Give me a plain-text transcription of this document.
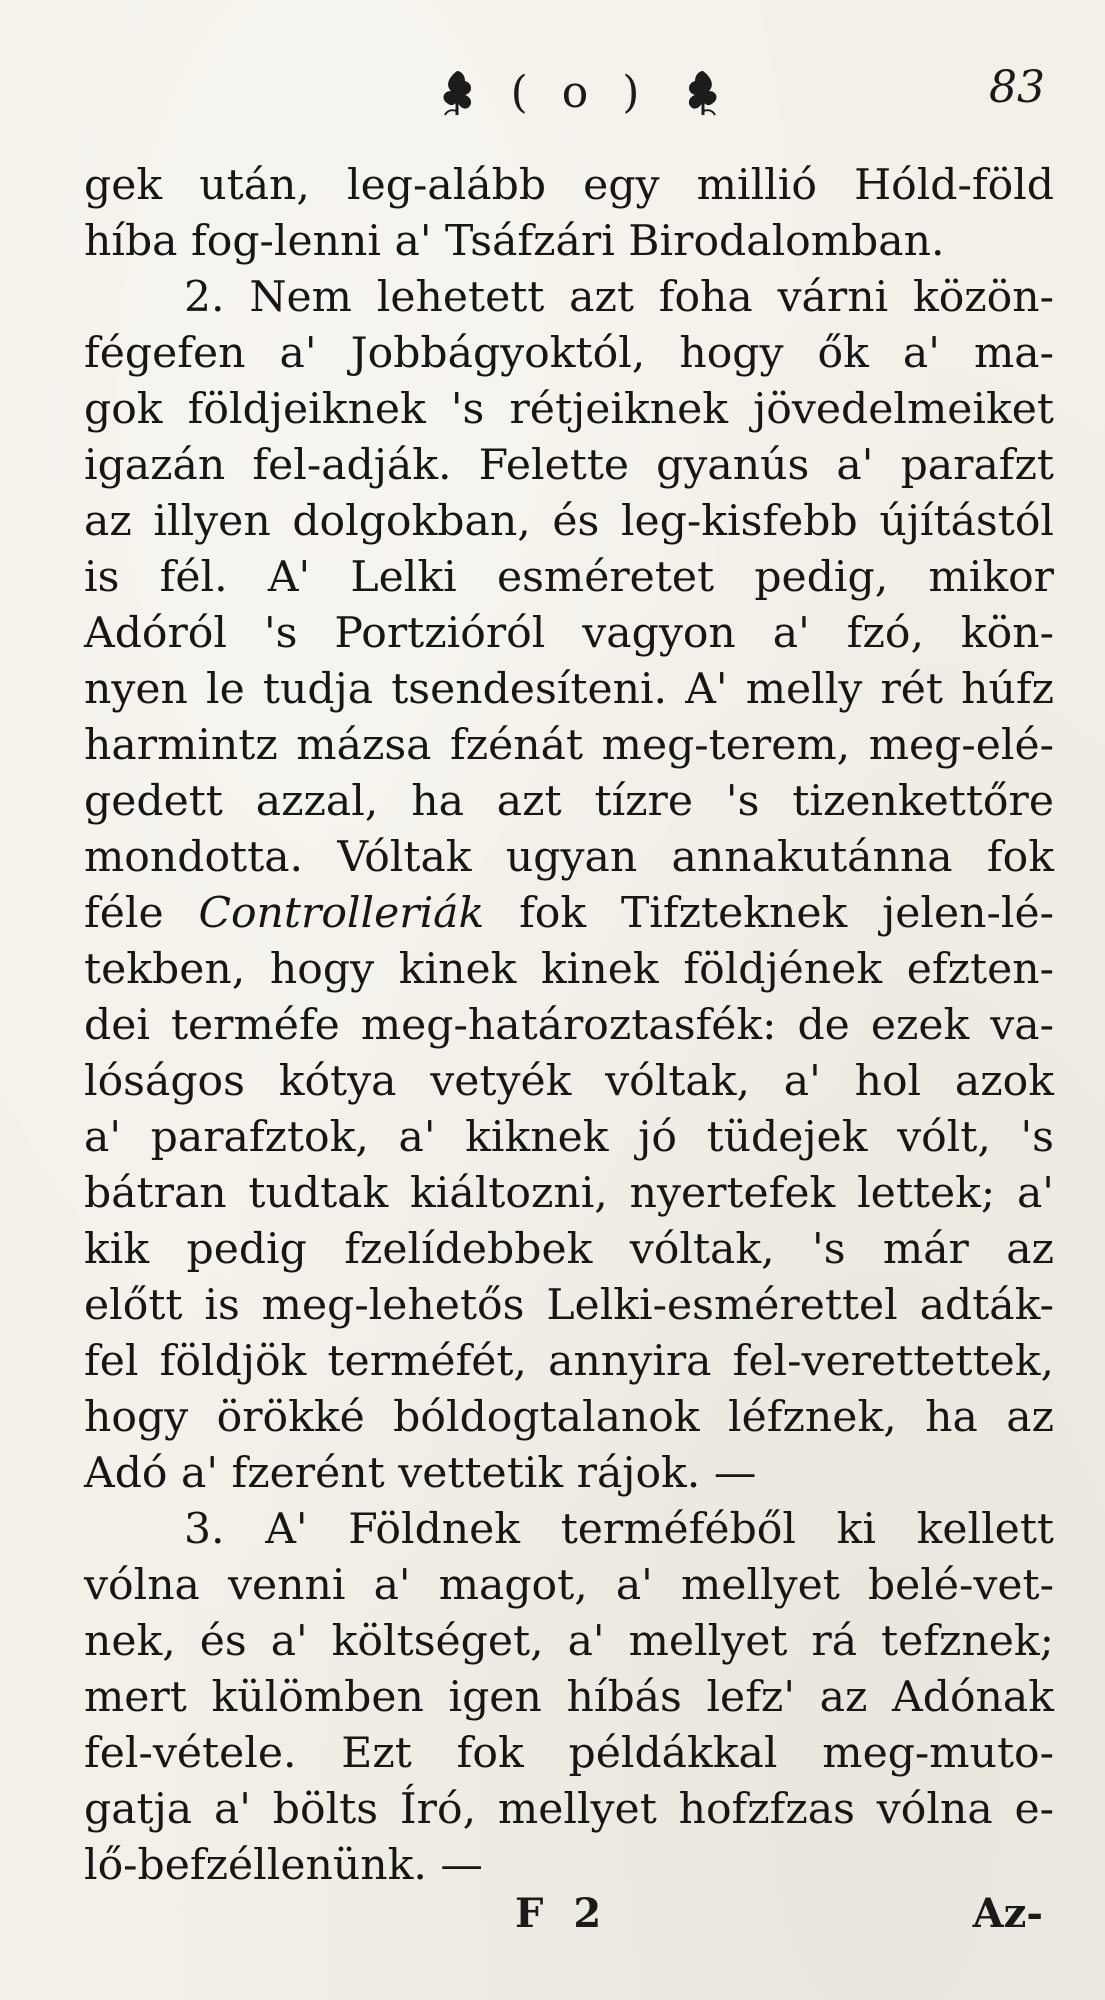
( o )	83
gek után, leg-alább egy millió Hóld-föld
híba fog-lenni a' Tsáfzári Birodalomban.
2. Nem lehetett azt foha várni közön-
fégefen a' Jobbágyoktól, hogy ők a' ma-
gok földjeiknek 's rétjeiknek jövedelmeiket
igazán fel-adják. Felette gyanús a' parafzt
az illyen dolgokban, és leg-kisfebb újítástól
is fél. A' Lelki esméretet pedig, mikor
Adóról 's Portzióról vagyon a' fzó, kön-
nyen le tudja tsendesíteni. A' melly rét húfz
harmintz mázsa fzénát meg-terem, meg-elé-
gedett azzal, ha azt tízre 's tizenkettőre
mondotta. Vóltak ugyan annakutánna fok
féle Controlleriák fok Tifzteknek jelen-lé-
tekben, hogy kinek kinek földjének efzten-
dei terméfe meg-határoztasfék: de ezek va-
lóságos kótya vetyék vóltak, a' hol azok
a' parafztok, a' kiknek jó tüdejek vólt, 's
bátran tudtak kiáltozni, nyertefek lettek; a'
kik pedig fzelídebbek vóltak, 's már az
előtt is meg-lehetős Lelki-esmérettel adták-
fel földjök terméfét, annyira fel-verettettek,
hogy örökké bóldogtalanok léfznek, ha az
Adó a' fzerént vettetik rájok. —
3. A' Földnek terméféből ki kellett
vólna venni a' magot, a' mellyet belé-vet-
nek, és a' költséget, a' mellyet rá tefznek;
mert külömben igen híbás lefz' az Adónak
fel-vétele. Ezt fok példákkal meg-muto-
gatja a' bölts Író, mellyet hofzfzas vólna e-
lő-befzéllenünk. —
F 2	Az-
